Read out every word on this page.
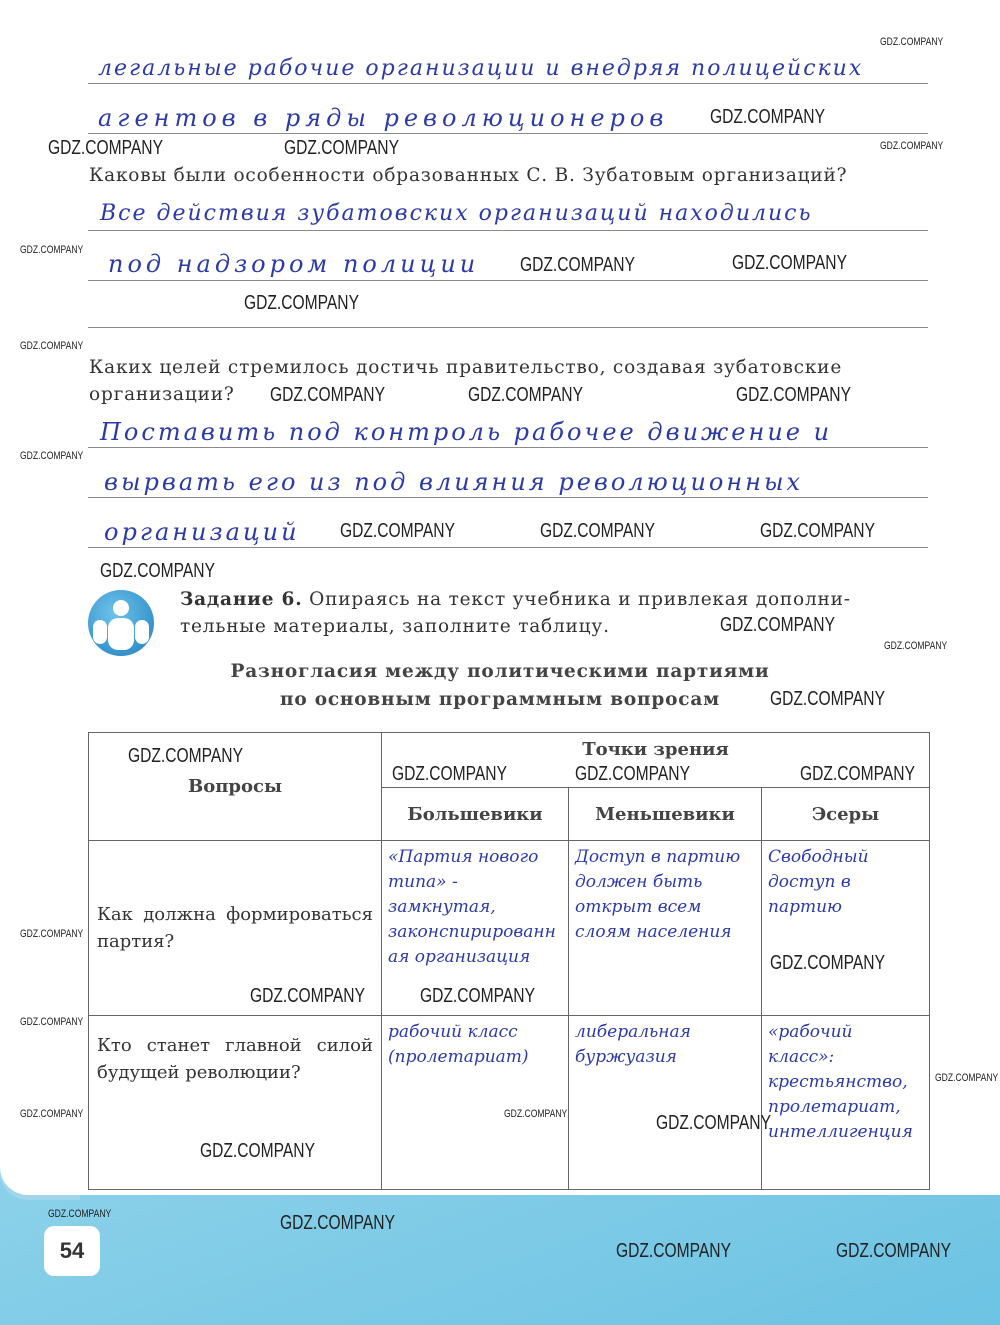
легальные рабочие организации и внедряя полицейских
агентов в ряды революционеров
Каковы были особенности образованных С. В. Зубатовым организаций?
Все действия зубатовских организаций находились
под надзором полиции
Каких целей стремилось достичь правительство, создавая зубатовские
организации?
Поставить под контроль рабочее движение и
вырвать его из под влияния революционных
организаций
Задание 6. Опираясь на текст учебника и привлекая дополни-
тельные материалы, заполните таблицу.
Разногласия между политическими партиями
по основным программным вопросам
Вопросы	Точки зрения		
	Большевики	Меньшевики	Эсеры
Как должна формироваться партия?	«Партия нового типа» - замкнутая, законспирированная организация	Доступ в партию должен быть открыт всем слоям населения	Свободный доступ в партию
Кто станет главной силой будущей революции?	рабочий класс (пролетариат)	либеральная буржуазия	«рабочий класс»: крестьянство, пролетариат, интеллигенция
54
GDZ.COMPANY
GDZ.COMPANY	GDZ.COMPANY
GDZ.COMPANY
GDZ.COMPANY
GDZ.COMPANY
GDZ.COMPANY
GDZ.COMPANY	GDZ.COMPANY
GDZ.COMPANY
GDZ.COMPANY	GDZ.COMPANY	GDZ.COMPANY
GDZ.COMPANY
GDZ.COMPANY	GDZ.COMPANY	GDZ.COMPANY
GDZ.COMPANY
GDZ.COMPANY
GDZ.COMPANY
GDZ.COMPANY
GDZ.COMPANY
GDZ.COMPANY	GDZ.COMPANY	GDZ.COMPANY
GDZ.COMPANY
GDZ.COMPANY
GDZ.COMPANY
GDZ.COMPANY
GDZ.COMPANY
GDZ.COMPANY
GDZ.COMPANY
GDZ.COMPANY	GDZ.COMPANY	GDZ.COMPANY
GDZ.COMPANY	GDZ.COMPANY
GDZ.COMPANY	GDZ.COMPANY
